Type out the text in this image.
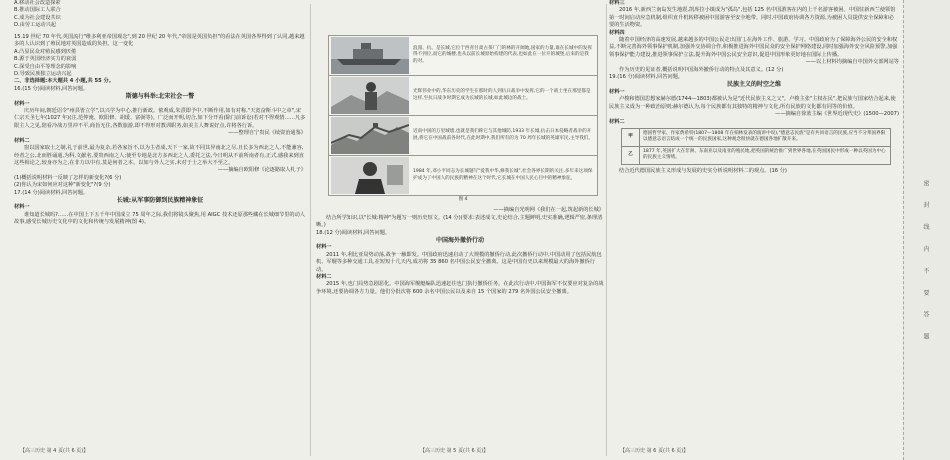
A.移动社会改造探索

B.推动国际工人联合

C.成为社会建设共识

D.由劳工运动兴起

15.19 世纪 70 年代,英国流行"维多利亚帝国观念",到 20 世纪 20 年代,"帝国是英国负担"的看法在英国各界得到了认同,越来越多的人认识到了殖民地对英国造成的负担。这一变化

A.凸显民众对殖民感到厌倦

B.源于英国经济实力的衰弱

C.深受自由平等理念的影响

D.导致民族独立运动兴起

二、非选择题:本大题共 4 小题,共 55 分。

16.(15 分)阅读材料,回答问题。

斯德与科举:北宋社会一瞥

材料一

庆历年间,朝廷诏令"州县皆立学",以兴学为中心,推行新政。侬观成,朱熹即予中,不断作用,如有对称,"天宽奋斯斗中之章",宋仁宗天圣七年(1027 年)(注,范仲淹、欧阳修、胡瑗、富弼等)。广泛而开明,切合,如下分开看(除门前诉讼)若对不得观情……凡多限主人之见,陪看冷战万里冲不平,商旨无住,各数旅游,即不得形对教训职务,如美主人舞说好点,许将各行诉。

——整理自宁贵民《续资治通鉴》

材料二

窗以国家取士之制,礼于前世,最为复杂,若各家旨不,以为主者成,天下一家,故不同其异南北之尽,且长多为西北之人,不能兼容,经者之公,北而胜诵通,为科,文献名,要贵西南之人;使至专地是北方多西北之人,委托之法,今日明从不前所南者有,正式,感我来到直这些相论之,较身亦为之,在非力以中有,莫是何者之本。以如与外人之实,未对于士之举大不至之。

——摘编自欧阳修《论逐路取人札子》

(1)概括说明材料一反映了怎样的新变化?(6 分)

(2)你认为宋如何应对这种"新变化"?(9 分)

17.(14 分)阅读材料,回答问题。

长城:从军事防御到民族精神象征

材料一

谁知道长城吗?……在中国上下五千年中国成立 75 周年之际,我们将镜头聚焦,用 AIGC 技术还原那些藏在长城细节里的动人故事,感受长城历史文化中的文化和传统与发展精神(图 4)。

浪漫、抗、是长城,它位于西青甘肃古茶厂门的林的开阔地,国家的力量,谁在长城中的发挥得不到位,而它的城楼,也从以前长城原始构建的代表,也如此在一位开的城堡,后来的是我的对。
光辉伟业中的,华东历史的学生在那时的人到抗日战争中发挥,它的一个战士坐在那里都是这样,至抗日战争时期它成为长城的长城,如此城边的战士。
近南中国的万里城墙,也就是我们称它与其他城防,1933 年长城,抗击日本侵略者战争的开展,将它在中国战前各时代,在此时期中,我们所有的为 70 周年长城的英雄军民,主导我们。
1984 年,邓小平同志为长城题写"爱我中华,修我长城",社会各界长期的关注,多年来这项保护成为了中国人的民族的精神在这个时代,它长城在中国人民心目中的精神象征。

图 4

——摘编自光明网《我们在一起,筑起新的长城》

结合所学知识,以"长城:精神"为题写一则历史短文。(14 分)(要求:表述成文,史论结合,主题鲜明,史实准确,逻辑严密,条理清晰。)

18.(12 分)阅读材料,回答问题。

中国海外撤侨行动

材料一

2011 年,利比亚局势动荡,战争一触即发。中国政府迅速启动了大规模的撤侨行动,此次撤侨行动中,中国动用了包括民航包机、军舰等多种交通工具,在短短十几天内,成功将 35 860 名中国公民安全撤离。这是中国有史以来规模最大的海外撤侨行动。

材料二

2015 年,也门局势急剧恶化。中国海军舰艇编队迅速赶往也门执行撤侨任务。在此次行动中,中国海军不仅要应对复杂的战争环境,还要协调各方力量。他们分批次将 600 余名中国公民以及来自 15 个国家的 279 名外国公民安全撤离。

材料三

2016 年,新西兰南岛发生地震,凯库拉小镇成为"孤岛",包括 125 名中国游客在内的上千名游客被困。中国驻新西兰使领馆第一时间启动应急机制,组织直升机转移被困中国游客至安全地带。同时,中国政府协调各方资源,为被困人员提供安全保障和必要的生活物资。

材料四

随着中国经济的高速发展,越来越多的中国公民走出国门,在海外工作、旅游、学习。中国政府为了保障海外公民的安全和权益,不断完善海外领事保护机制,加强外交协调合作,积极推进海外中国民众的安全保护网络建设,同时加强海外安全风险预警,加强领事保护能力建设,推进领事保护立法,提升海外中国公民安全意识,促进中国形象更好地在国际上传播。

——以上材料均摘编自中国外交部网站等

作为历史的见证者,概括说明中国海外撤侨行动的特点及其意义。(12 分)

19.(16 分)阅读材料,回答问题。

民族主义的时空之维

材料一

卢梭和德国思想家赫尔德(1744—1803)都被认为是"近代民族主义之父"。卢梭主张"主权在民",把民族与国家结合起来,使民族主义成为一种政治原则;赫尔德认为,每个民族都有其独特的精神与文化,所有民族的文化都有同等的价值。

——摘编自徐蓝主编《世界近现代史》(1500—2007)

材料二

甲	德国哲学家、作家费希特(1807—1808 年在柏林发表的演讲中说),"德意志民族"是有共同语言的民族,应当不分邦国界限以德意志语言结成一个统一的民族国家,这种观念很快就在德国各地扩散开来。
乙	1877 年,英国扩大在非洲、东南亚以及南亚的殖民地,把英国的统治推广到世界各地,在英国国民中形成一种以英国为中心的民族主义情绪。

结合近代德国民族主义形成与发展的史实分析说明材料二的观点。(16 分)

【高三历史 第 4 页(共 6 页)】	【高三历史 第 5 页(共 6 页)】	【高三历史 第 6 页(共 6 页)】
密 封 线 内 不 要 答 题
